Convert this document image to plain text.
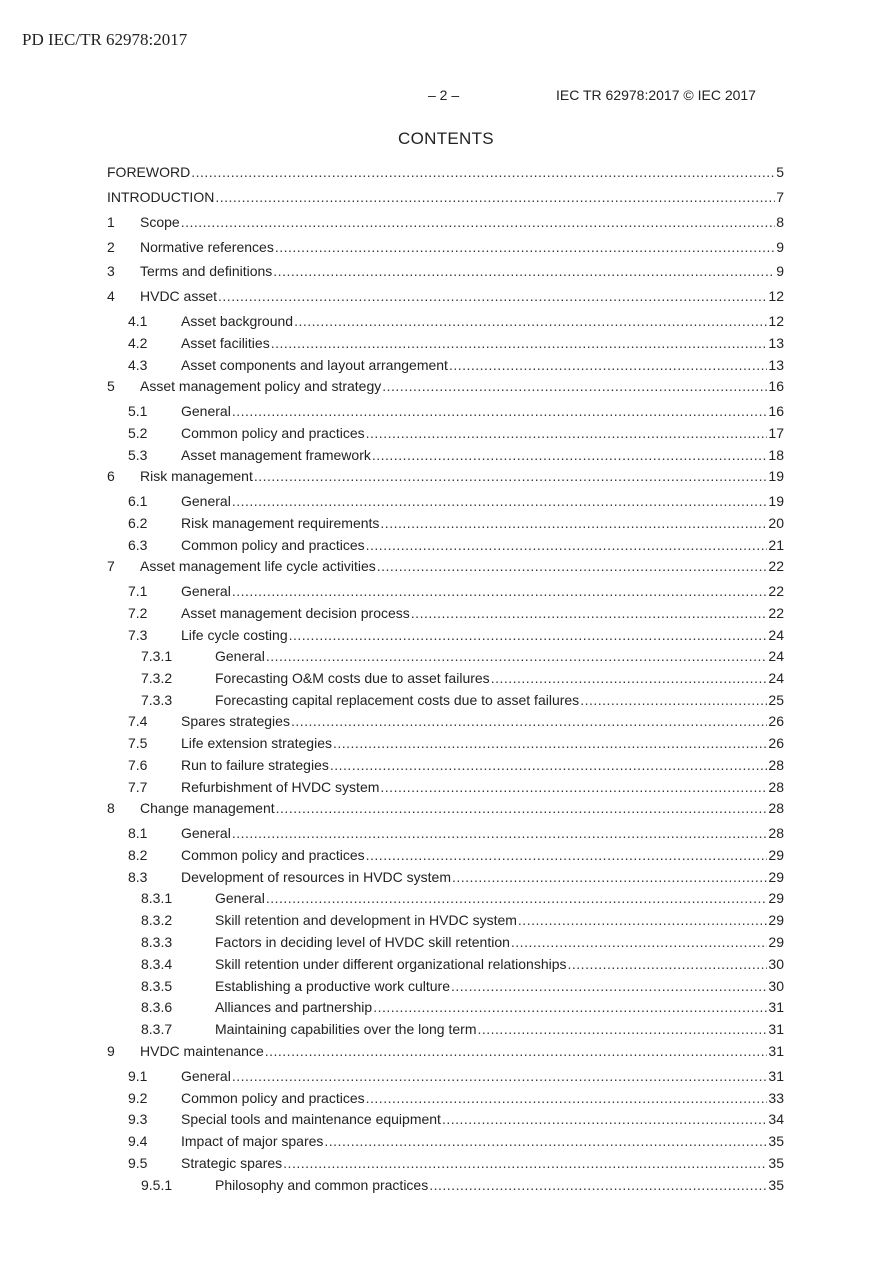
PD IEC/TR 62978:2017
– 2 –	IEC TR 62978:2017 © IEC 2017
CONTENTS
FOREWORD .....	5
INTRODUCTION .....	7
1	Scope .....	8
2	Normative references .....	9
3	Terms and definitions .....	9
4	HVDC asset .....	12
4.1	Asset background .....	12
4.2	Asset facilities .....	13
4.3	Asset components and layout arrangement .....	13
5	Asset management policy and strategy .....	16
5.1	General .....	16
5.2	Common policy and practices .....	17
5.3	Asset management framework .....	18
6	Risk management .....	19
6.1	General .....	19
6.2	Risk management requirements .....	20
6.3	Common policy and practices .....	21
7	Asset management life cycle activities .....	22
7.1	General .....	22
7.2	Asset management decision process .....	22
7.3	Life cycle costing .....	24
7.3.1	General .....	24
7.3.2	Forecasting O&M costs due to asset failures .....	24
7.3.3	Forecasting capital replacement costs due to asset failures .....	25
7.4	Spares strategies .....	26
7.5	Life extension strategies .....	26
7.6	Run to failure strategies .....	28
7.7	Refurbishment of HVDC system .....	28
8	Change management .....	28
8.1	General .....	28
8.2	Common policy and practices .....	29
8.3	Development of resources in HVDC system .....	29
8.3.1	General .....	29
8.3.2	Skill retention and development in HVDC system .....	29
8.3.3	Factors in deciding level of HVDC skill retention .....	29
8.3.4	Skill retention under different organizational relationships .....	30
8.3.5	Establishing a productive work culture .....	30
8.3.6	Alliances and partnership .....	31
8.3.7	Maintaining capabilities over the long term .....	31
9	HVDC maintenance .....	31
9.1	General .....	31
9.2	Common policy and practices .....	33
9.3	Special tools and maintenance equipment .....	34
9.4	Impact of major spares .....	35
9.5	Strategic spares .....	35
9.5.1	Philosophy and common practices .....	35
